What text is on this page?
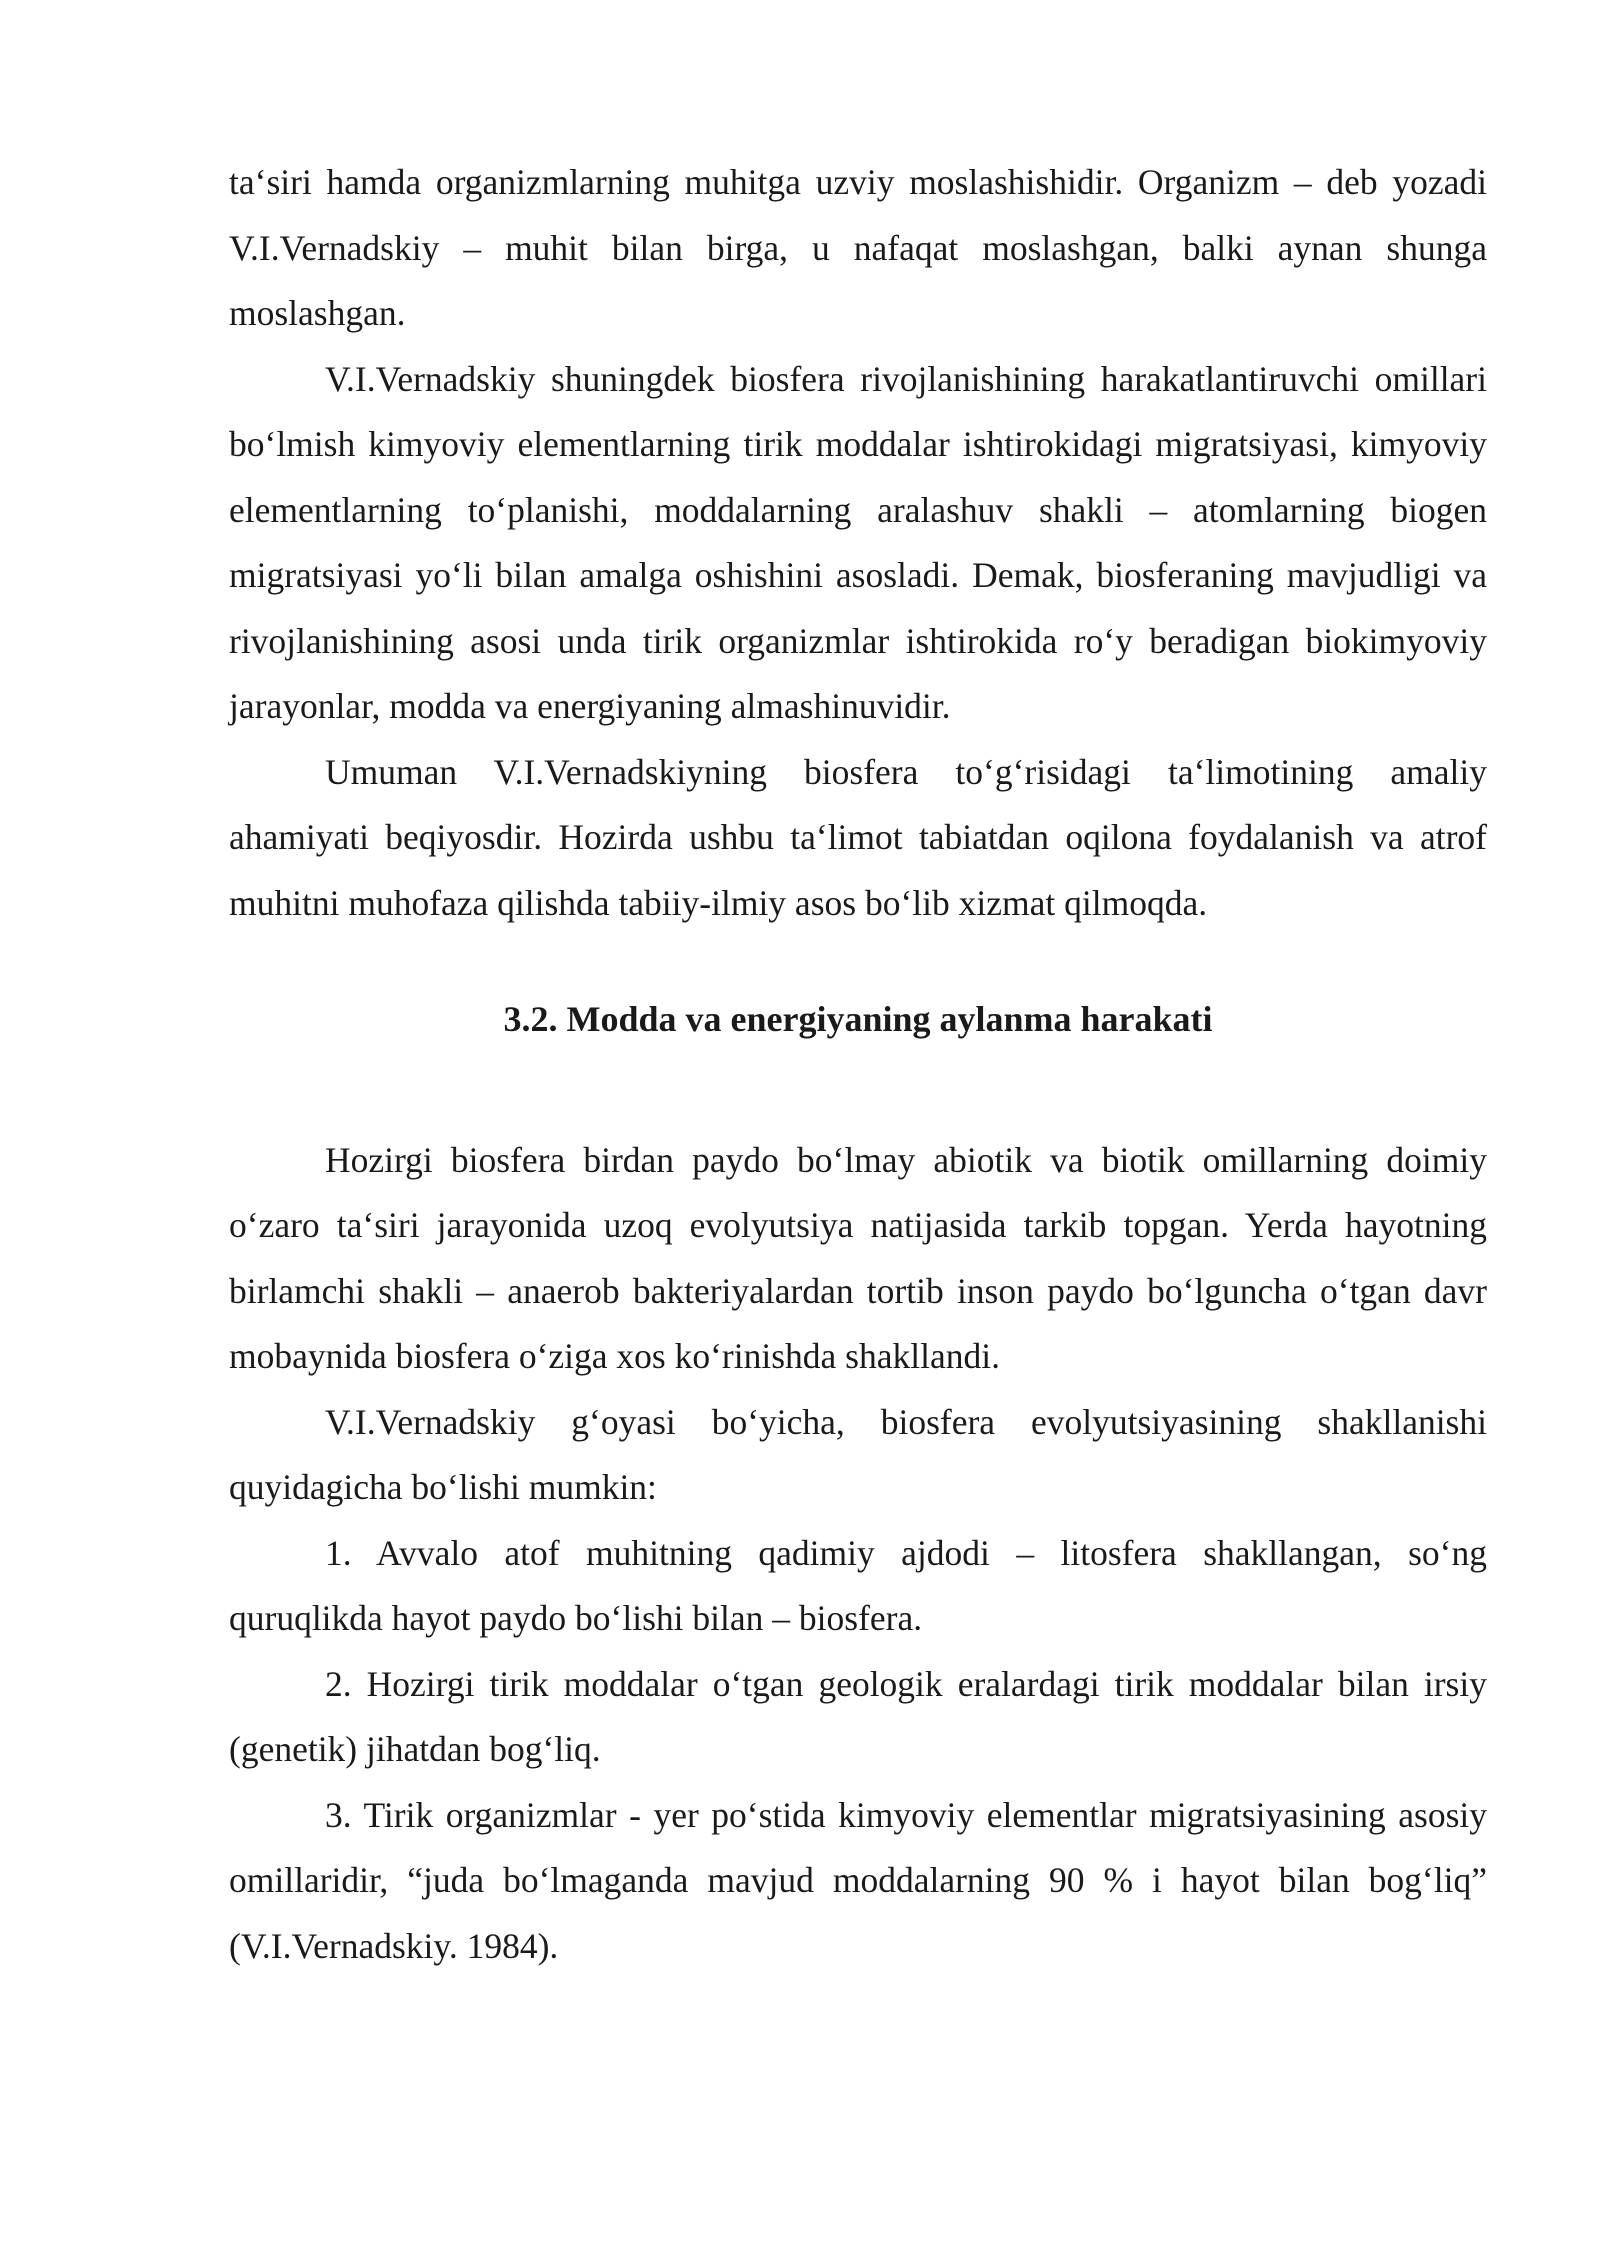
ta‘siri hamda organizmlarning muhitga uzviy moslashishidir. Organizm – deb yozadi V.I.Vernadskiy – muhit bilan birga, u nafaqat moslashgan, balki aynan shunga moslashgan.

V.I.Vernadskiy shuningdek biosfera rivojlanishining harakatlantiruvchi omillari bo‘lmish kimyoviy elementlarning tirik moddalar ishtirokidagi migratsiyasi, kimyoviy elementlarning to‘planishi, moddalarning aralashuv shakli – atomlarning biogen migratsiyasi yo‘li bilan amalga oshishini asosladi. Demak, biosferaning mavjudligi va rivojlanishining asosi unda tirik organizmlar ishtirokida ro‘y beradigan biokimyoviy jarayonlar, modda va energiyaning almashinuvidir.

Umuman V.I.Vernadskiyning biosfera to‘g‘risidagi ta‘limotining amaliy ahamiyati beqiyosdir. Hozirda ushbu ta‘limot tabiatdan oqilona foydalanish va atrof muhitni muhofaza qilishda tabiiy-ilmiy asos bo‘lib xizmat qilmoqda.

3.2. Modda va energiyaning aylanma harakati

Hozirgi biosfera birdan paydo bo‘lmay abiotik va biotik omillarning doimiy o‘zaro ta‘siri jarayonida uzoq evolyutsiya natijasida tarkib topgan. Yerda hayotning birlamchi shakli – anaerob bakteriyalardan tortib inson paydo bo‘lguncha o‘tgan davr mobaynida biosfera o‘ziga xos ko‘rinishda shakllandi.

V.I.Vernadskiy g‘oyasi bo‘yicha, biosfera evolyutsiyasining shakllanishi quyidagicha bo‘lishi mumkin:

1. Avvalo atof muhitning qadimiy ajdodi – litosfera shakllangan, so‘ng quruqlikda hayot paydo bo‘lishi bilan – biosfera.

2. Hozirgi tirik moddalar o‘tgan geologik eralardagi tirik moddalar bilan irsiy (genetik) jihatdan bog‘liq.

3. Tirik organizmlar - yer po‘stida kimyoviy elementlar migratsiyasining asosiy omillaridir, “juda bo‘lmaganda mavjud moddalarning 90 % i hayot bilan bog‘liq” (V.I.Vernadskiy. 1984).
